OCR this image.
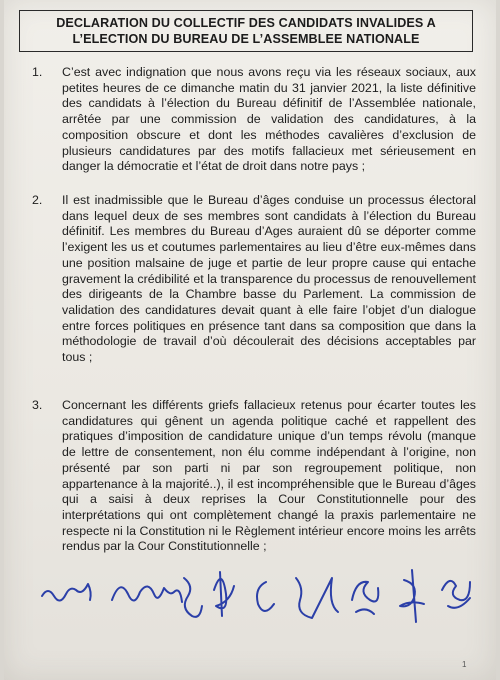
DECLARATION DU COLLECTIF DES CANDIDATS INVALIDES A
L’ELECTION DU BUREAU DE L’ASSEMBLEE NATIONALE
1. C’est avec indignation que nous avons reçu via les réseaux sociaux, aux petites heures de ce dimanche matin du 31 janvier 2021, la liste définitive des candidats à l’élection du Bureau définitif de l’Assemblée nationale, arrêtée par une commission de validation des candidatures, à la composition obscure et dont les méthodes cavalières d’exclusion de plusieurs candidatures par des motifs fallacieux met sérieusement en danger la démocratie et l’état de droit dans notre pays ;
2. Il est inadmissible que le Bureau d’âges conduise un processus électoral dans lequel deux de ses membres sont candidats à l’élection du Bureau définitif. Les membres du Bureau d’Ages auraient dû se déporter comme l’exigent les us et coutumes parlementaires au lieu d’être eux-mêmes dans une position malsaine de juge et partie de leur propre cause qui entache gravement la crédibilité et la transparence du processus de renouvellement des dirigeants de la Chambre basse du Parlement. La commission de validation des candidatures devait quant à elle faire l’objet d’un dialogue entre forces politiques en présence tant dans sa composition que dans la méthodologie de travail d’où découlerait des décisions acceptables par tous ;
3. Concernant les différents griefs fallacieux retenus pour écarter toutes les candidatures qui gênent un agenda politique caché et rappellent des pratiques d’imposition de candidature unique d’un temps révolu (manque de lettre de consentement, non élu comme indépendant à l’origine, non présenté par son parti ni par son regroupement politique, non appartenance à la majorité..), il est incompréhensible que le Bureau d’âges qui a saisi à deux reprises la Cour Constitutionnelle pour des interprétations qui ont complètement changé la praxis parlementaire ne respecte ni la Constitution ni le Règlement intérieur encore moins les arrêts rendus par la Cour Constitutionnelle ;
1
